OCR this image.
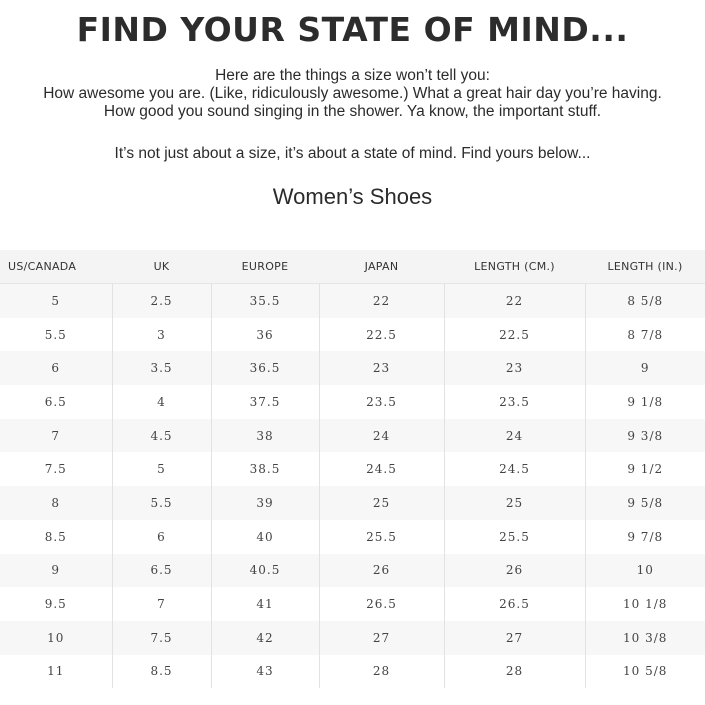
FIND YOUR STATE OF MIND...
Here are the things a size won’t tell you:
How awesome you are. (Like, ridiculously awesome.) What a great hair day you’re having.
How good you sound singing in the shower. Ya know, the important stuff.
It’s not just about a size, it’s about a state of mind. Find yours below...
Women’s Shoes
US/CANADA	UK	EUROPE	JAPAN	LENGTH (CM.)	LENGTH (IN.)
5	2.5	35.5	22	22	8 5/8
5.5	3	36	22.5	22.5	8 7/8
6	3.5	36.5	23	23	9
6.5	4	37.5	23.5	23.5	9 1/8
7	4.5	38	24	24	9 3/8
7.5	5	38.5	24.5	24.5	9 1/2
8	5.5	39	25	25	9 5/8
8.5	6	40	25.5	25.5	9 7/8
9	6.5	40.5	26	26	10
9.5	7	41	26.5	26.5	10 1/8
10	7.5	42	27	27	10 3/8
11	8.5	43	28	28	10 5/8
